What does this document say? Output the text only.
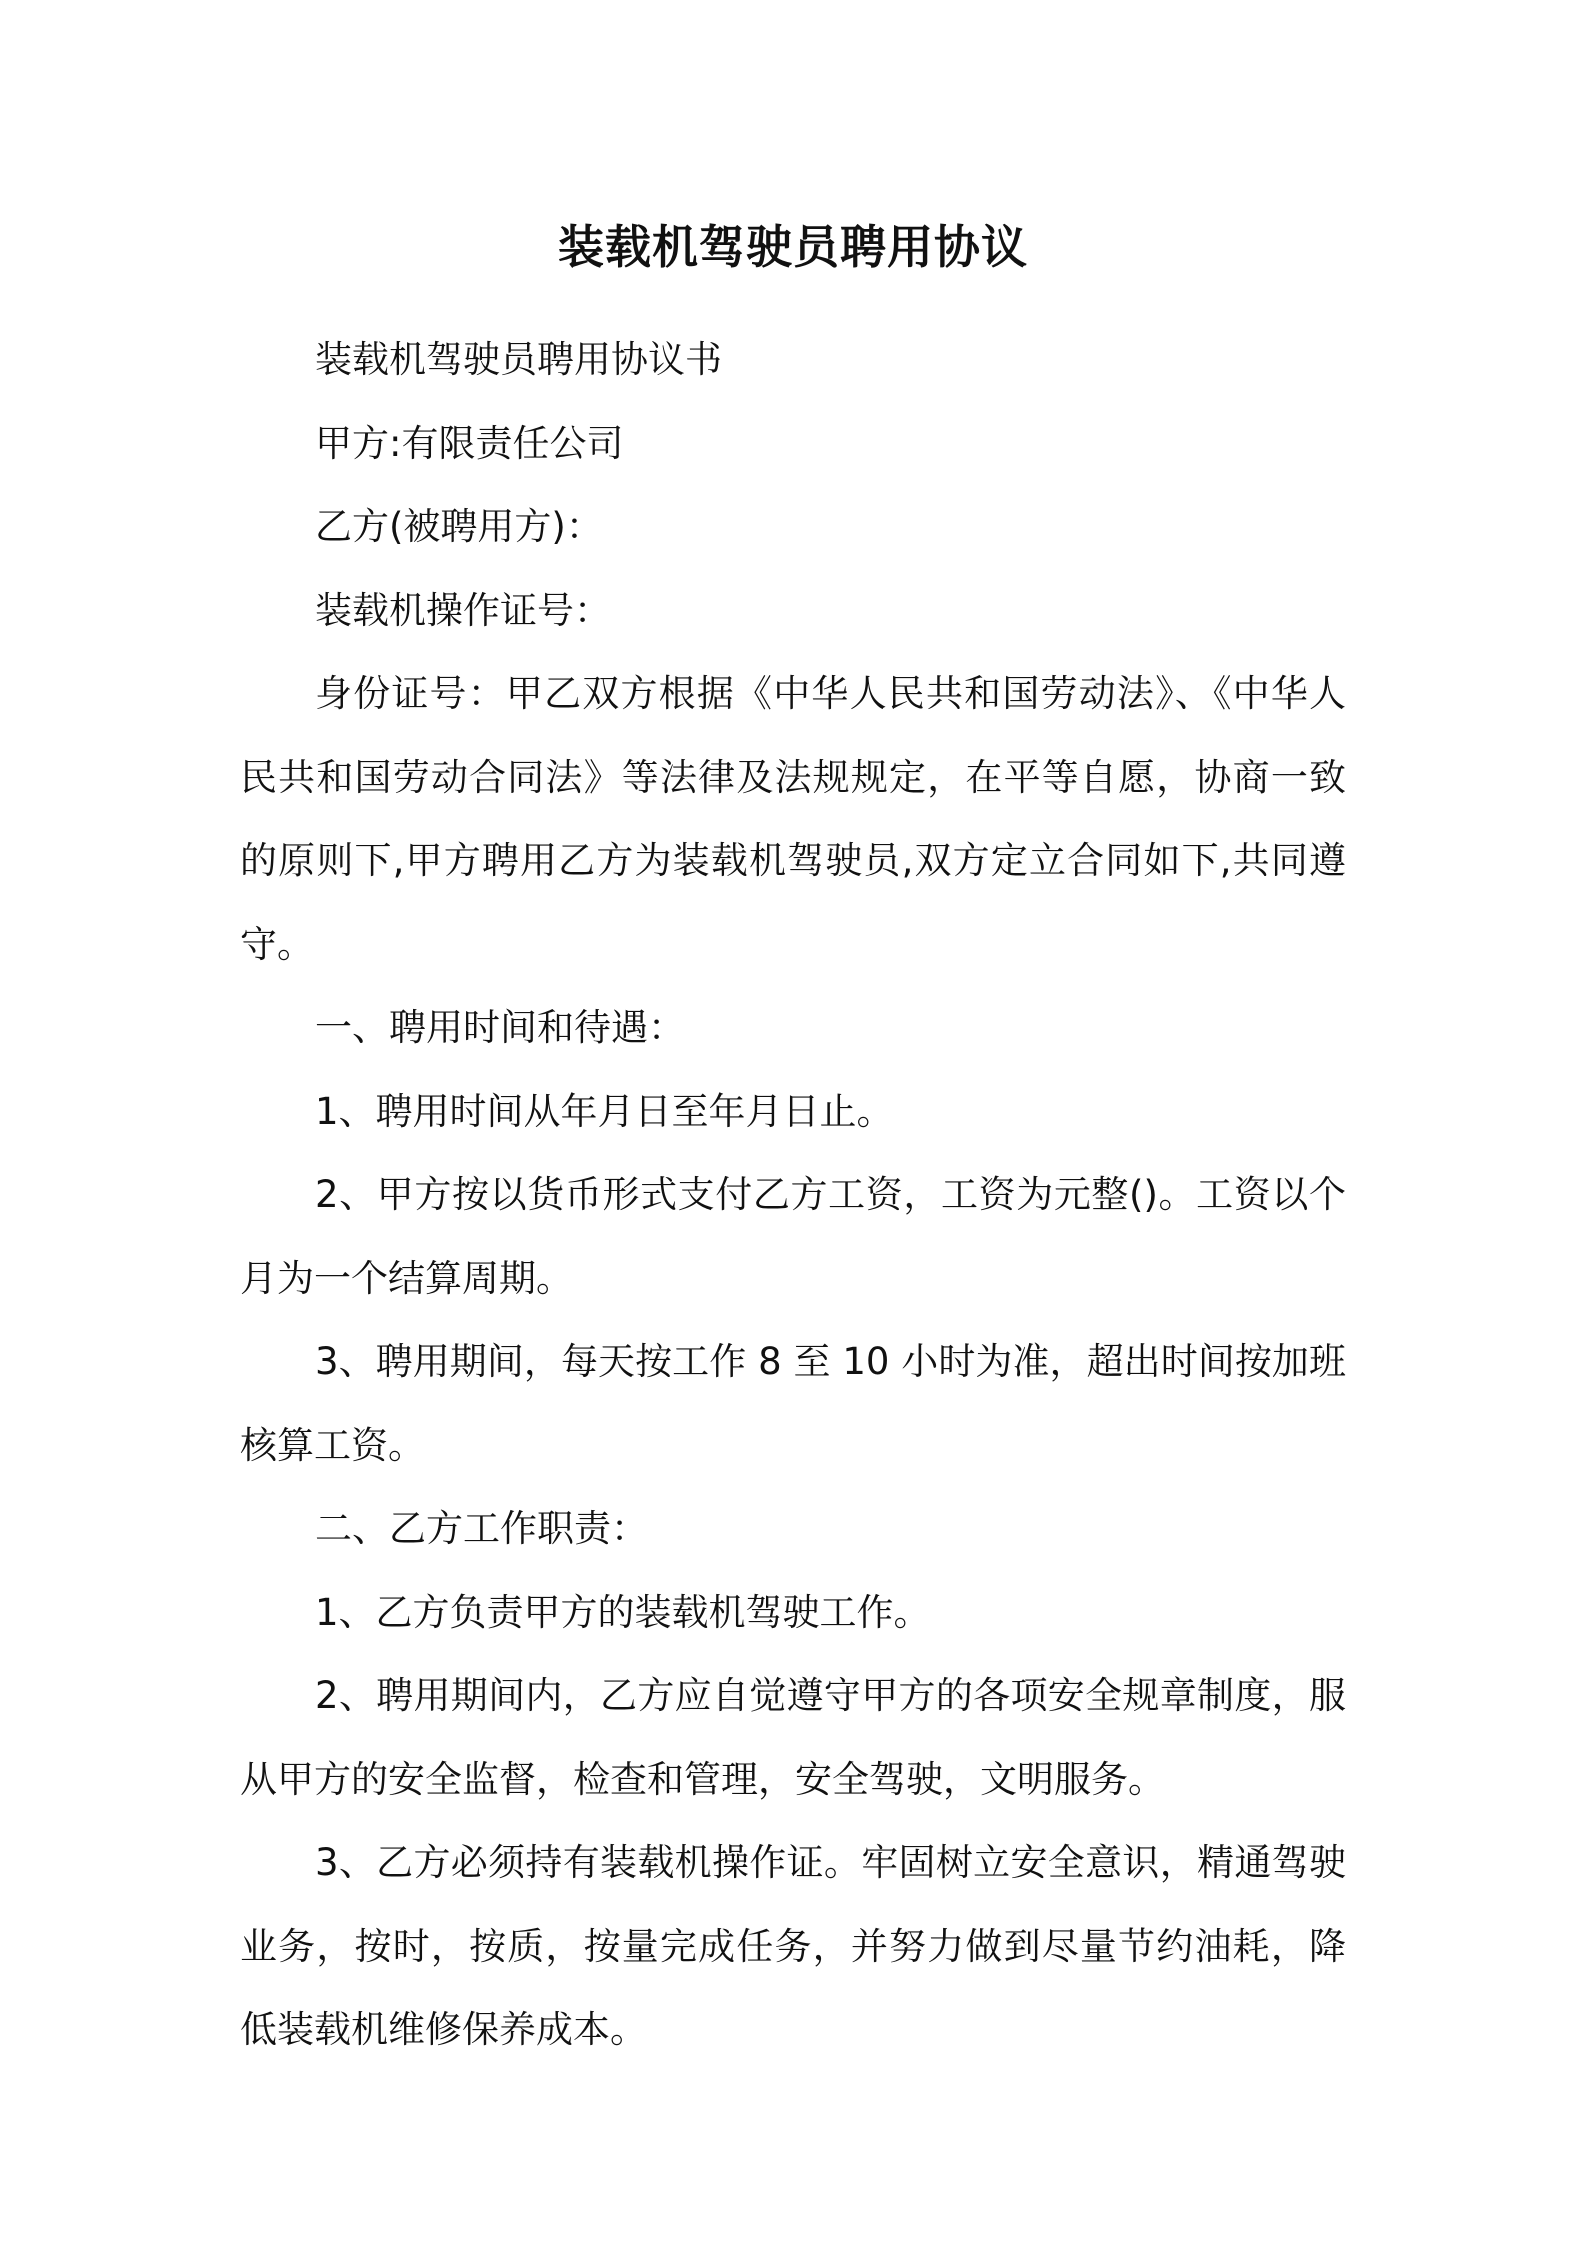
装载机驾驶员聘用协议

装载机驾驶员聘用协议书

甲方:有限责任公司

乙方(被聘用方)：

装载机操作证号：

身份证号：甲乙双方根据《中华人民共和国劳动法》、《中华人民共和国劳动合同法》等法律及法规规定，在平等自愿，协商一致的原则下,甲方聘用乙方为装载机驾驶员,双方定立合同如下,共同遵守。

一、聘用时间和待遇：

1、聘用时间从年月日至年月日止。

2、甲方按以货币形式支付乙方工资，工资为元整()。工资以个月为一个结算周期。

3、聘用期间，每天按工作 8 至 10 小时为准，超出时间按加班核算工资。

二、乙方工作职责：

1、乙方负责甲方的装载机驾驶工作。

2、聘用期间内，乙方应自觉遵守甲方的各项安全规章制度，服从甲方的安全监督，检查和管理，安全驾驶，文明服务。

3、乙方必须持有装载机操作证。牢固树立安全意识，精通驾驶业务，按时，按质，按量完成任务，并努力做到尽量节约油耗，降低装载机维修保养成本。
